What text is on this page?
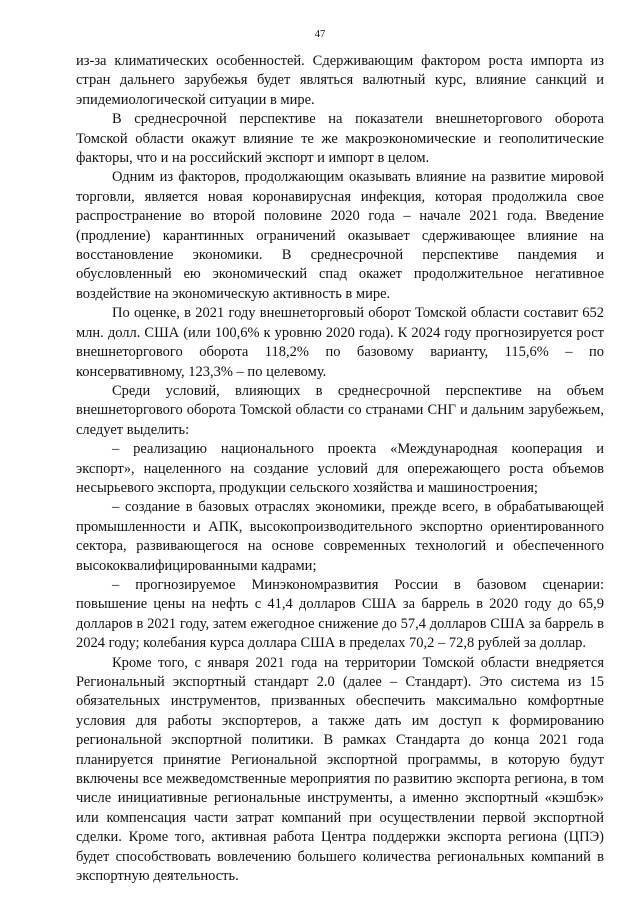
47

из-за климатических особенностей. Сдерживающим фактором роста импорта из стран дальнего зарубежья будет являться валютный курс, влияние санкций и эпидемиологической ситуации в мире.

В среднесрочной перспективе на показатели внешнеторгового оборота Томской области окажут влияние те же макроэкономические и геополитические факторы, что и на российский экспорт и импорт в целом.

Одним из факторов, продолжающим оказывать влияние на развитие мировой торговли, является новая коронавирусная инфекция, которая продолжила свое распространение во второй половине 2020 года – начале 2021 года. Введение (продление) карантинных ограничений оказывает сдерживающее влияние на восстановление экономики. В среднесрочной перспективе пандемия и обусловленный ею экономический спад окажет продолжительное негативное воздействие на экономическую активность в мире.

По оценке, в 2021 году внешнеторговый оборот Томской области составит 652 млн. долл. США (или 100,6% к уровню 2020 года). К 2024 году прогнозируется рост внешнеторгового оборота 118,2% по базовому варианту, 115,6% – по консервативному, 123,3% – по целевому.

Среди условий, влияющих в среднесрочной перспективе на объем внешнеторгового оборота Томской области со странами СНГ и дальним зарубежьем, следует выделить:

– реализацию национального проекта «Международная кооперация и экспорт», нацеленного на создание условий для опережающего роста объемов несырьевого экспорта, продукции сельского хозяйства и машиностроения;

– создание в базовых отраслях экономики, прежде всего, в обрабатывающей промышленности и АПК, высокопроизводительного экспортно ориентированного сектора, развивающегося на основе современных технологий и обеспеченного высококвалифицированными кадрами;

– прогнозируемое Минэкономразвития России в базовом сценарии: повышение цены на нефть с 41,4 долларов США за баррель в 2020 году до 65,9 долларов в 2021 году, затем ежегодное снижение до 57,4 долларов США за баррель в 2024 году; колебания курса доллара США в пределах 70,2 – 72,8 рублей за доллар.

Кроме того, с января 2021 года на территории Томской области внедряется Региональный экспортный стандарт 2.0 (далее – Стандарт). Это система из 15 обязательных инструментов, призванных обеспечить максимально комфортные условия для работы экспортеров, а также дать им доступ к формированию региональной экспортной политики. В рамках Стандарта до конца 2021 года планируется принятие Региональной экспортной программы, в которую будут включены все межведомственные мероприятия по развитию экспорта региона, в том числе инициативные региональные инструменты, а именно экспортный «кэшбэк» или компенсация части затрат компаний при осуществлении первой экспортной сделки. Кроме того, активная работа Центра поддержки экспорта региона (ЦПЭ) будет способствовать вовлечению большего количества региональных компаний в экспортную деятельность.
